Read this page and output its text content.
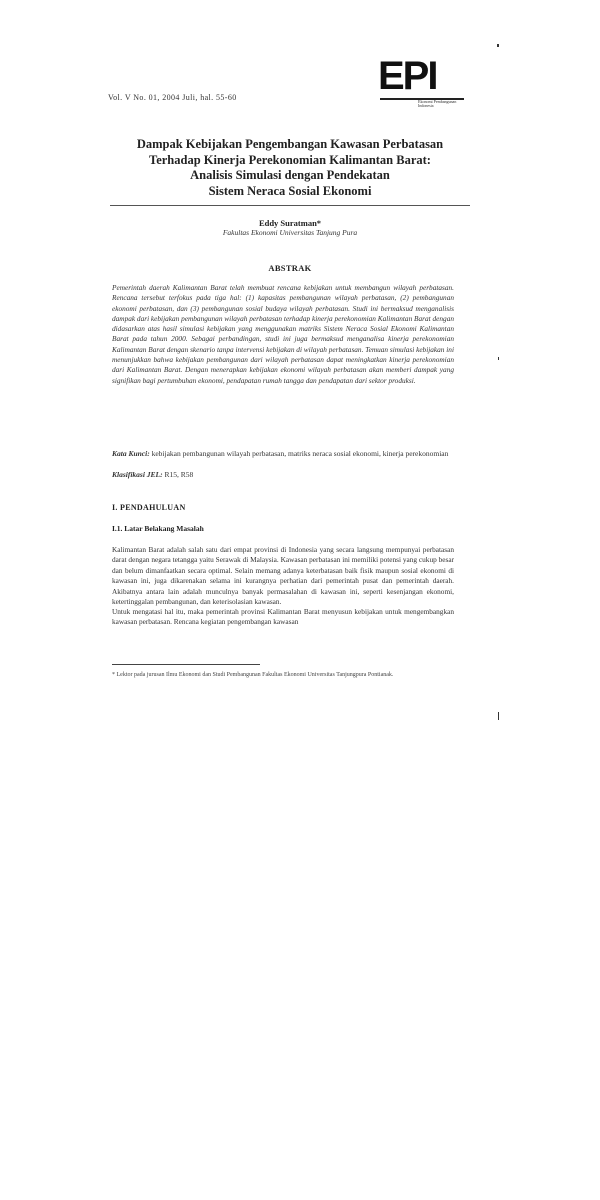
Vol. V No. 01, 2004 Juli, hal. 55-60	EPI
Ekonomi Pembangunan Indonesia
Dampak Kebijakan Pengembangan Kawasan Perbatasan
Terhadap Kinerja Perekonomian Kalimantan Barat:
Analisis Simulasi dengan Pendekatan
Sistem Neraca Sosial Ekonomi
Eddy Suratman*
Fakultas Ekonomi Universitas Tanjung Pura
ABSTRAK
Pemerintah daerah Kalimantan Barat telah membuat rencana kebijakan untuk membangun wilayah perbatasan. Rencana tersebut terfokus pada tiga hal: (1) kapasitas pembangunan wilayah perbatasan, (2) pembangunan ekonomi perbatasan, dan (3) pembangunan sosial budaya wilayah perbatasan. Studi ini bermaksud menganalisis dampak dari kebijakan pembangunan wilayah perbatasan terhadap kinerja perekonomian Kalimantan Barat dengan didasarkan atas hasil simulasi kebijakan yang menggunakan matriks Sistem Neraca Sosial Ekonomi Kalimantan Barat pada tahun 2000. Sebagai perbandingan, studi ini juga bermaksud menganalisa kinerja perekonomian Kalimantan Barat dengan skenario tanpa intervensi kebijakan di wilayah perbatasan. Temuan simulasi kebijakan ini menunjukkan bahwa kebijakan pembangunan dari wilayah perbatasan dapat meningkatkan kinerja perekonomian dari Kalimantan Barat. Dengan menerapkan kebijakan ekonomi wilayah perbatasan akan memberi dampak yang signifikan bagi pertumbuhan ekonomi, pendapatan rumah tangga dan pendapatan dari sektor produksi.
Kata Kunci: kebijakan pembangunan wilayah perbatasan, matriks neraca sosial ekonomi, kinerja perekonomian
Klasifikasi JEL: R15, R58
I. PENDAHULUAN
I.1. Latar Belakang Masalah
Kalimantan Barat adalah salah satu dari empat provinsi di Indonesia yang secara langsung mempunyai perbatasan darat dengan negara tetangga yaitu Serawak di Malaysia. Kawasan perbatasan ini memiliki potensi yang cukup besar dan belum dimanfaatkan secara optimal. Selain memang adanya keterbatasan baik fisik maupun sosial ekonomi di kawasan ini, juga dikarenakan selama ini kurangnya perhatian dari pemerintah pusat dan pemerintah daerah. Akibatnya antara lain adalah munculnya banyak permasalahan di kawasan ini, seperti kesenjangan ekonomi, ketertinggalan pembangunan, dan keterisolasian kawasan.
Untuk mengatasi hal itu, maka pemerintah provinsi Kalimantan Barat menyusun kebijakan untuk mengembangkan kawasan perbatasan. Rencana kegiatan pengembangan kawasan
* Lektor pada jurusan Ilmu Ekonomi dan Studi Pembangunan Fakultas Ekonomi Universitas Tanjungpura Pontianak.
